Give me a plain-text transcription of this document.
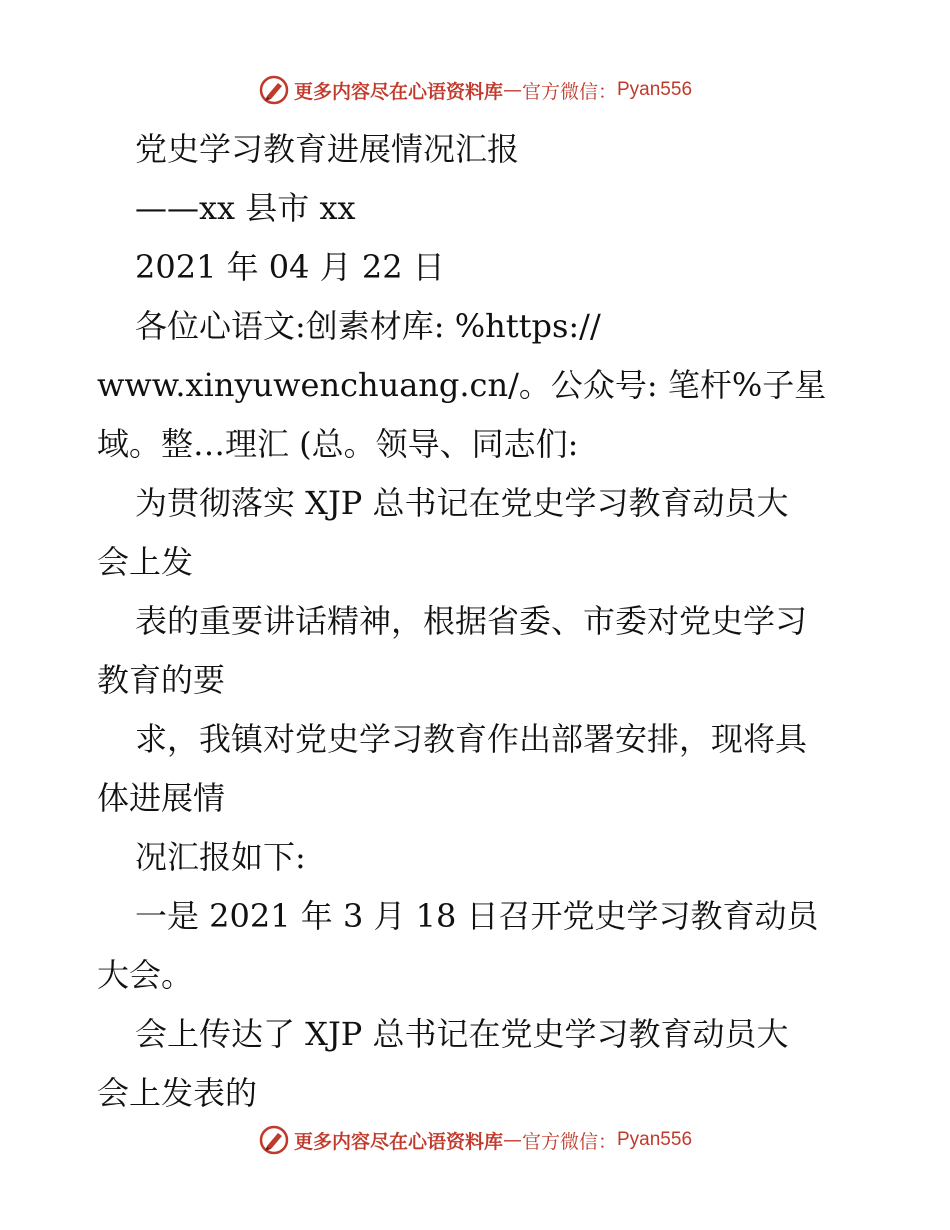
更多内容尽在心语资料库 — 官方微信： Pyan556
党史学习教育进展情况汇报
——xx 县市 xx
2021 年 04 月 22 日
各位心语文:创素材库: %https://
www.xinyuwenchuang.cn/。公众号: 笔杆%子星
域。整…理汇 (总。领导、同志们:
为贯彻落实 XJP 总书记在党史学习教育动员大
会上发
表的重要讲话精神，根据省委、市委对党史学习
教育的要
求，我镇对党史学习教育作出部署安排，现将具
体进展情
况汇报如下:
一是 2021 年 3 月 18 日召开党史学习教育动员
大会。
会上传达了 XJP 总书记在党史学习教育动员大
会上发表的
更多内容尽在心语资料库 — 官方微信： Pyan556
